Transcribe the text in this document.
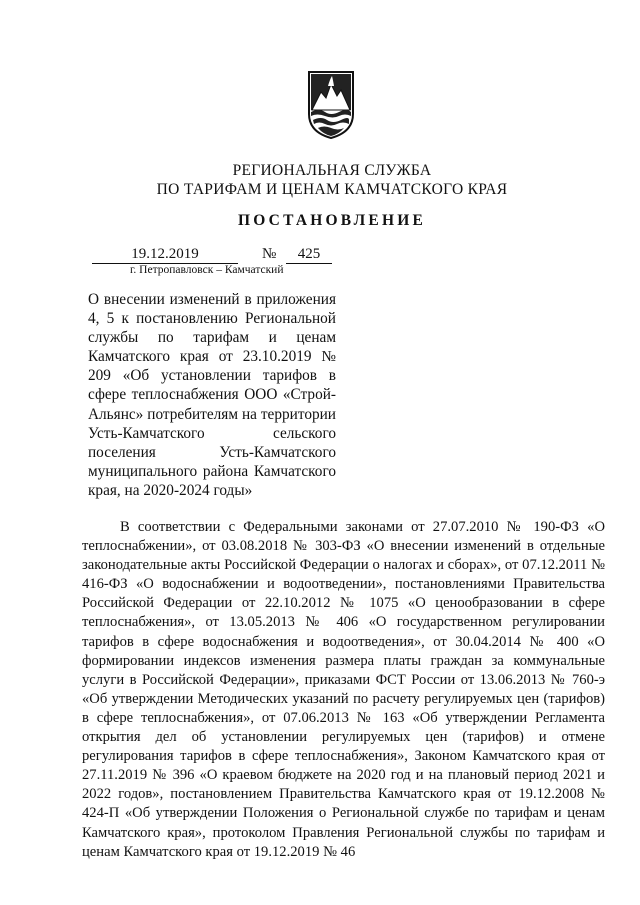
РЕГИОНАЛЬНАЯ СЛУЖБА
ПО ТАРИФАМ И ЦЕНАМ КАМЧАТСКОГО КРАЯ
ПОСТАНОВЛЕНИЕ
19.12.2019	№	425
г. Петропавловск – Камчатский
О внесении изменений в приложения 4, 5 к постановлению Региональной службы по тарифам и ценам Камчатского края от 23.10.2019 № 209 «Об установлении тарифов в сфере теплоснабжения ООО «Строй-Альянс» потребителям на территории Усть-Камчатского сельского поселения Усть-Камчатского муниципального района Камчатского края, на 2020-2024 годы»
В соответствии с Федеральными законами от 27.07.2010 № 190-ФЗ «О теплоснабжении», от 03.08.2018 № 303-ФЗ «О внесении изменений в отдельные законодательные акты Российской Федерации о налогах и сборах», от 07.12.2011 № 416-ФЗ «О водоснабжении и водоотведении», постановлениями Правительства Российской Федерации от 22.10.2012 № 1075 «О ценообразовании в сфере теплоснабжения», от 13.05.2013 № 406 «О государственном регулировании тарифов в сфере водоснабжения и водоотведения», от 30.04.2014 № 400 «О формировании индексов изменения размера платы граждан за коммунальные услуги в Российской Федерации», приказами ФСТ России от 13.06.2013 № 760-э «Об утверждении Методических указаний по расчету регулируемых цен (тарифов) в сфере теплоснабжения», от 07.06.2013 № 163 «Об утверждении Регламента открытия дел об установлении регулируемых цен (тарифов) и отмене регулирования тарифов в сфере теплоснабжения», Законом Камчатского края от 27.11.2019 № 396 «О краевом бюджете на 2020 год и на плановый период 2021 и 2022 годов», постановлением Правительства Камчатского края от 19.12.2008 № 424-П «Об утверждении Положения о Региональной службе по тарифам и ценам Камчатского края», протоколом Правления Региональной службы по тарифам и ценам Камчатского края от 19.12.2019 № 46
